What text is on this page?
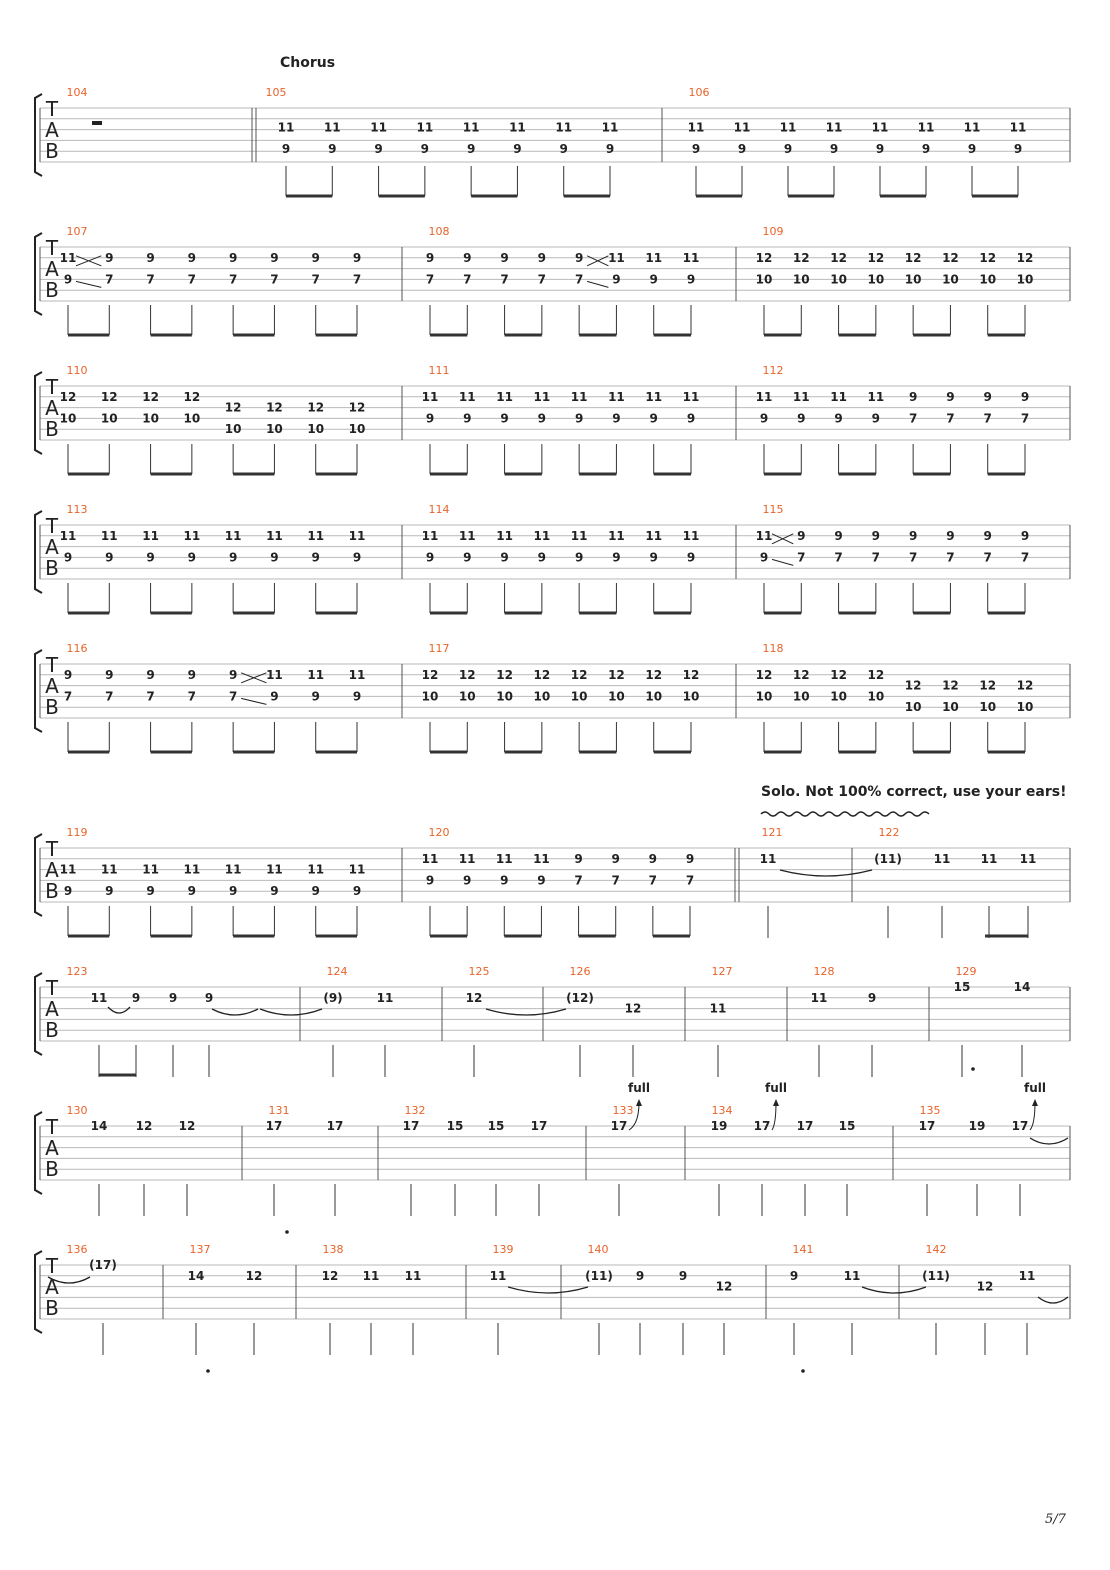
Chorus
Solo. Not 100% correct, use your ears!
T
A
B
104	105
11
9
11
9
11
9
11
9
11
9
11
9
11
9
11
9
106
11
9
11
9
11
9
11
9
11
9
11
9
11
9
11
9
T
A
B
107
11
9
9
7
9
7
9
7
9
7
9
7
9
7
9
7
108
9
7
9
7
9
7
9
7
9
7
11
9
11
9
11
9
109
12
10
12
10
12
10
12
10
12
10
12
10
12
10
12
10
T
A
B
110
12
10
12
10
12
10
12
10
12
10
12
10
12
10
12
10
111
11
9
11
9
11
9
11
9
11
9
11
9
11
9
11
9
112
11
9
11
9
11
9
11
9
9
7
9
7
9
7
9
7
T
A
B
113
11
9
11
9
11
9
11
9
11
9
11
9
11
9
11
9
114
11
9
11
9
11
9
11
9
11
9
11
9
11
9
11
9
115
11
9
9
7
9
7
9
7
9
7
9
7
9
7
9
7
T
A
B
116
9
7
9
7
9
7
9
7
9
7
11
9
11
9
11
9
117
12
10
12
10
12
10
12
10
12
10
12
10
12
10
12
10
118
12
10
12
10
12
10
12
10
12
10
12
10
12
10
12
10
T
A
B
119
11
9
11
9
11
9
11
9
11
9
11
9
11
9
11
9
120
11
9
11
9
11
9
11
9
9
7
9
7
9
7
9
7
121
11
122
(11)	11	11 11
T
A
B
123
11 9 9 9
124
(9)	11
125
12
126
(12)
12
127
11
128
11	9
129
15	14
T
A
B
130
14 12 12
131
17	17
132
17 15 15 17
133
17
134
19 17 17 15
135
17	19 17
T
A
B
136
(17)
137
14	12
138
12 11 11
139
11
140
(11) 9	9
12
141
9	11
142
(11)
12
11
full	full	full
5/7
